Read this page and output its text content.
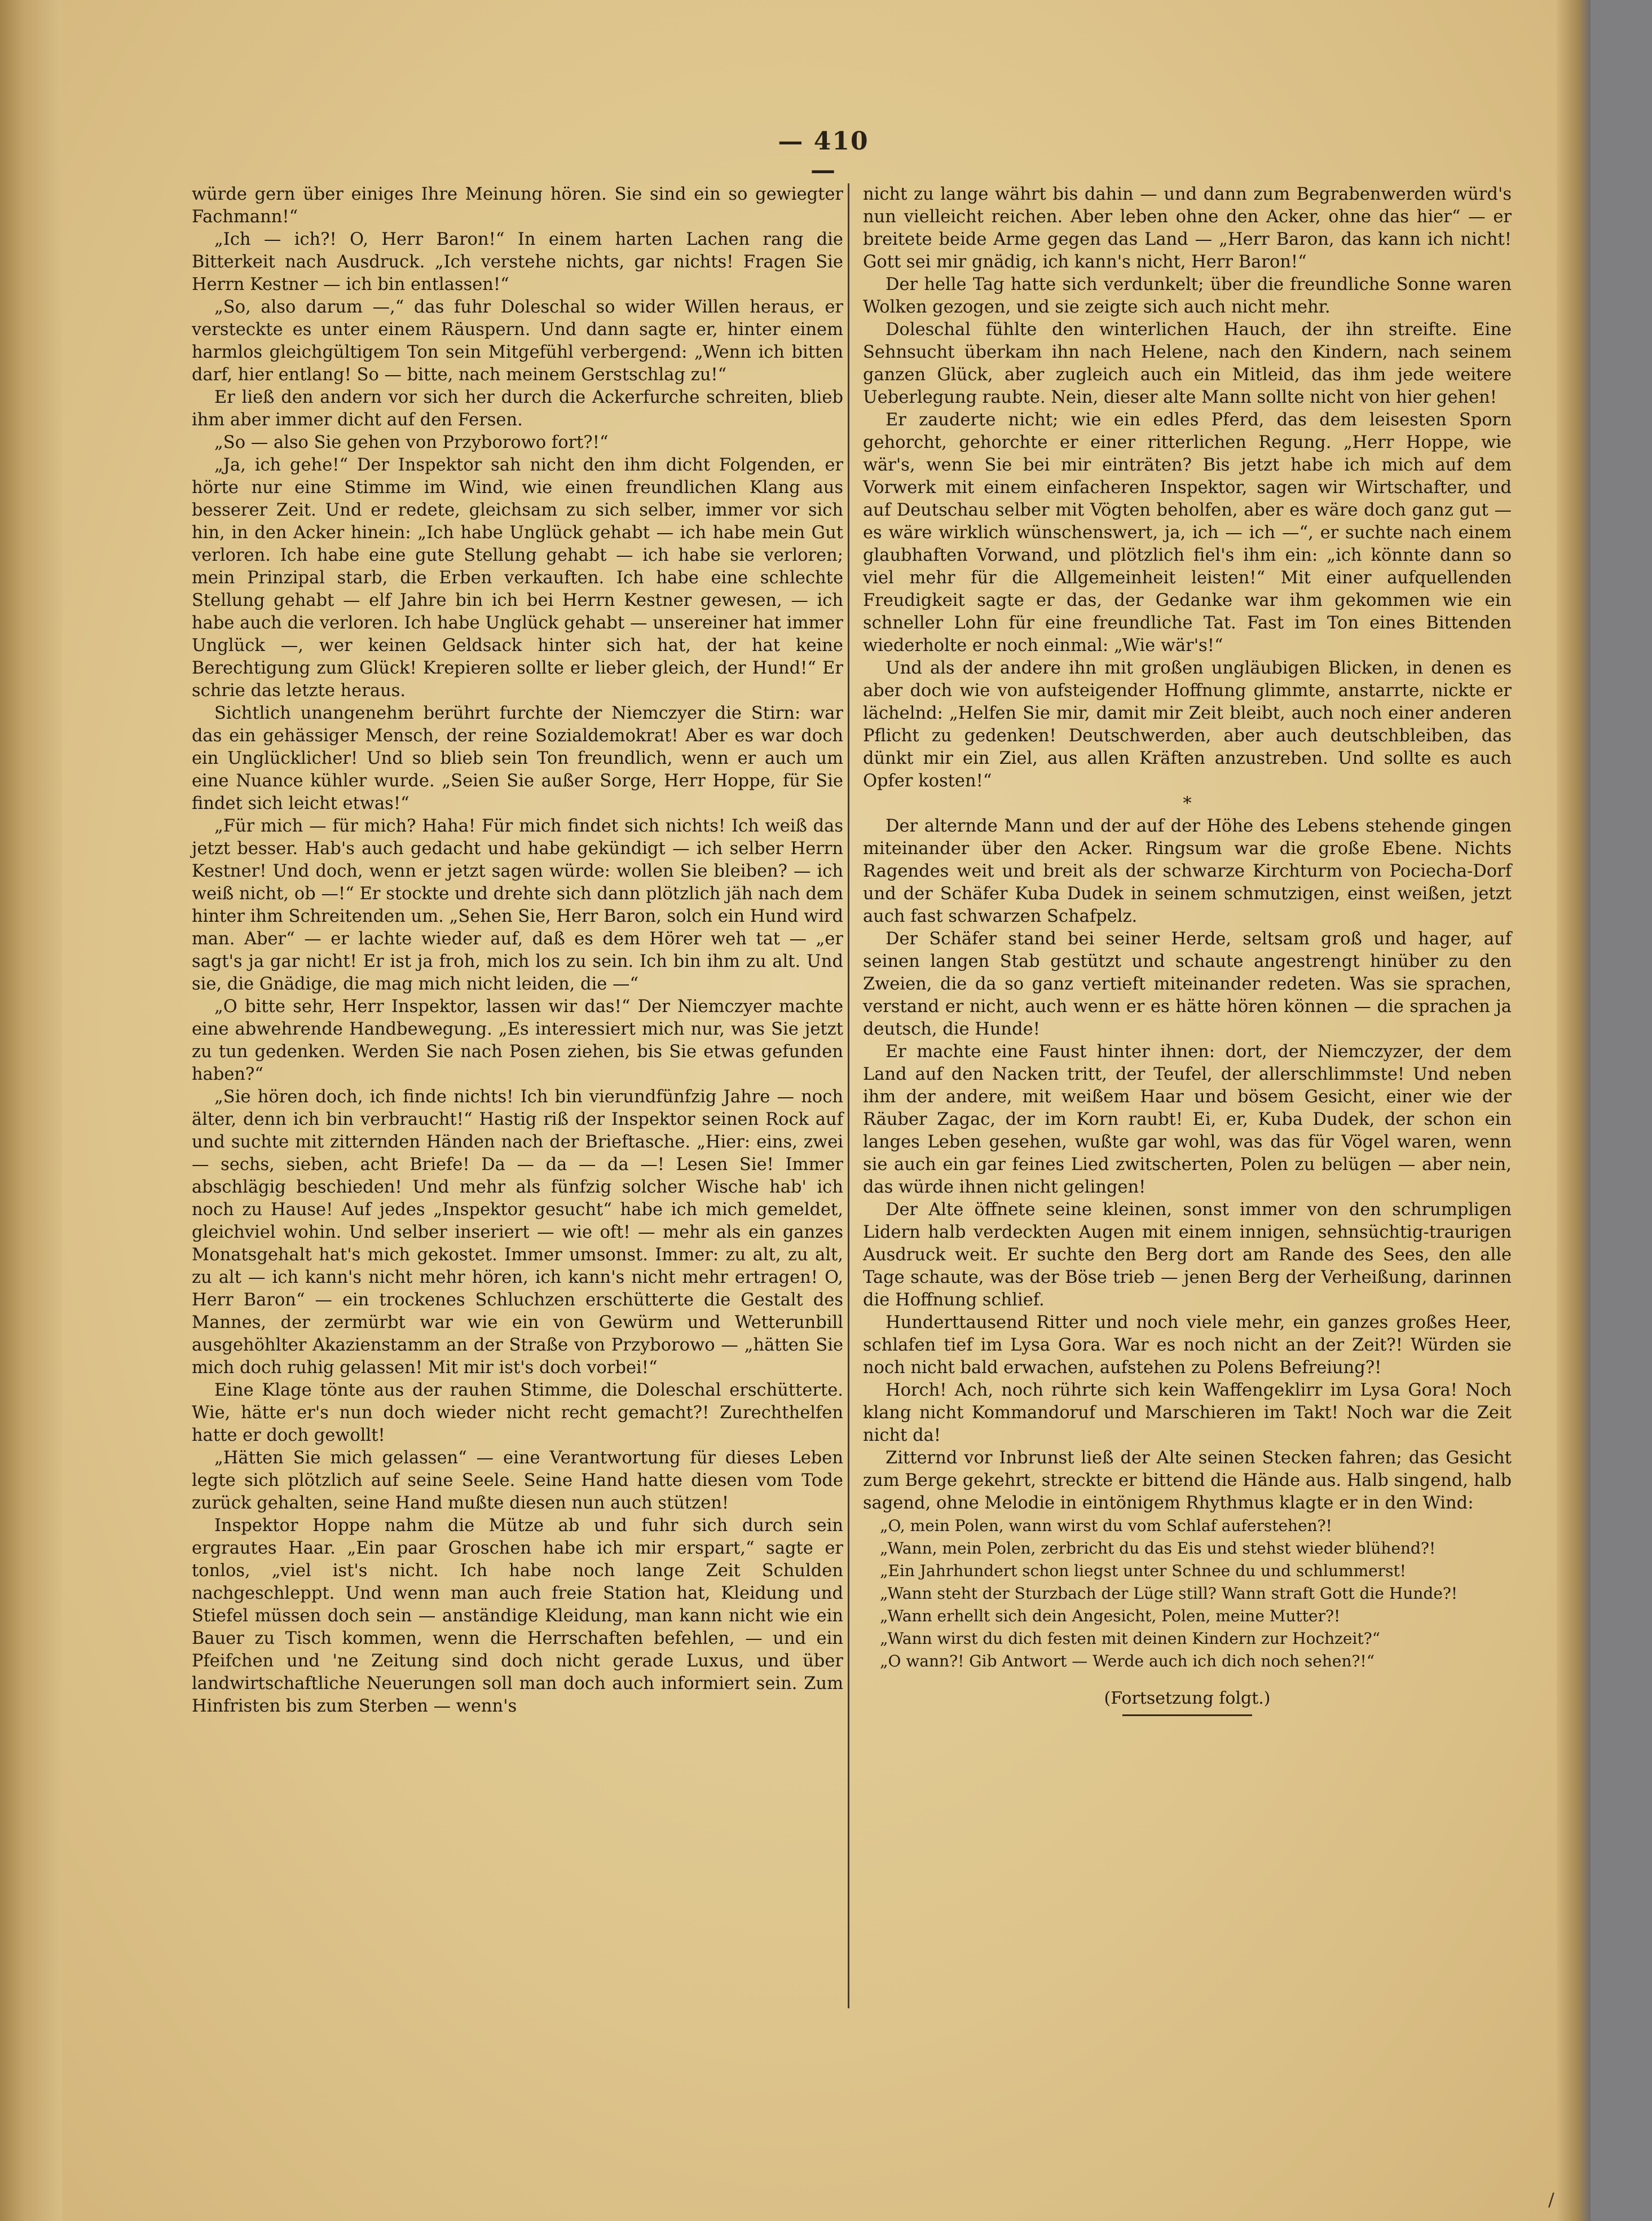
— 410 —

würde gern über einiges Ihre Meinung hören. Sie sind ein so gewiegter Fachmann!“

„Ich — ich?! O, Herr Baron!“ In einem harten Lachen rang die Bitterkeit nach Ausdruck. „Ich verstehe nichts, gar nichts! Fragen Sie Herrn Kestner — ich bin entlassen!“

„So, also darum —,“ das fuhr Doleschal so wider Willen heraus, er versteckte es unter einem Räuspern. Und dann sagte er, hinter einem harmlos gleichgültigem Ton sein Mitgefühl verbergend: „Wenn ich bitten darf, hier entlang! So — bitte, nach meinem Gerstschlag zu!“

Er ließ den andern vor sich her durch die Ackerfurche schreiten, blieb ihm aber immer dicht auf den Fersen.

„So — also Sie gehen von Przyborowo fort?!“

„Ja, ich gehe!“ Der Inspektor sah nicht den ihm dicht Folgenden, er hörte nur eine Stimme im Wind, wie einen freundlichen Klang aus besserer Zeit. Und er redete, gleichsam zu sich selber, immer vor sich hin, in den Acker hinein: „Ich habe Unglück gehabt — ich habe mein Gut verloren. Ich habe eine gute Stellung gehabt — ich habe sie verloren; mein Prinzipal starb, die Erben verkauften. Ich habe eine schlechte Stellung gehabt — elf Jahre bin ich bei Herrn Kestner gewesen, — ich habe auch die verloren. Ich habe Unglück gehabt — unsereiner hat immer Unglück —, wer keinen Geldsack hinter sich hat, der hat keine Berechtigung zum Glück! Krepieren sollte er lieber gleich, der Hund!“ Er schrie das letzte heraus.

Sichtlich unangenehm berührt furchte der Niemczyer die Stirn: war das ein gehässiger Mensch, der reine Sozialdemokrat! Aber es war doch ein Unglücklicher! Und so blieb sein Ton freundlich, wenn er auch um eine Nuance kühler wurde. „Seien Sie außer Sorge, Herr Hoppe, für Sie findet sich leicht etwas!“

„Für mich — für mich? Haha! Für mich findet sich nichts! Ich weiß das jetzt besser. Hab's auch gedacht und habe gekündigt — ich selber Herrn Kestner! Und doch, wenn er jetzt sagen würde: wollen Sie bleiben? — ich weiß nicht, ob —!“ Er stockte und drehte sich dann plötzlich jäh nach dem hinter ihm Schreitenden um. „Sehen Sie, Herr Baron, solch ein Hund wird man. Aber“ — er lachte wieder auf, daß es dem Hörer weh tat — „er sagt's ja gar nicht! Er ist ja froh, mich los zu sein. Ich bin ihm zu alt. Und sie, die Gnädige, die mag mich nicht leiden, die —“

„O bitte sehr, Herr Inspektor, lassen wir das!“ Der Niemczyer machte eine abwehrende Handbewegung. „Es interessiert mich nur, was Sie jetzt zu tun gedenken. Werden Sie nach Posen ziehen, bis Sie etwas gefunden haben?“

„Sie hören doch, ich finde nichts! Ich bin vierundfünfzig Jahre — noch älter, denn ich bin verbraucht!“ Hastig riß der Inspektor seinen Rock auf und suchte mit zitternden Händen nach der Brieftasche. „Hier: eins, zwei — sechs, sieben, acht Briefe! Da — da — da —! Lesen Sie! Immer abschlägig beschieden! Und mehr als fünfzig solcher Wische hab' ich noch zu Hause! Auf jedes „Inspektor gesucht“ habe ich mich gemeldet, gleichviel wohin. Und selber inseriert — wie oft! — mehr als ein ganzes Monatsgehalt hat's mich gekostet. Immer umsonst. Immer: zu alt, zu alt, zu alt — ich kann's nicht mehr hören, ich kann's nicht mehr ertragen! O, Herr Baron“ — ein trockenes Schluchzen erschütterte die Gestalt des Mannes, der zermürbt war wie ein von Gewürm und Wetterunbill ausgehöhlter Akazienstamm an der Straße von Przyborowo — „hätten Sie mich doch ruhig gelassen! Mit mir ist's doch vorbei!“

Eine Klage tönte aus der rauhen Stimme, die Doleschal erschütterte. Wie, hätte er's nun doch wieder nicht recht gemacht?! Zurechthelfen hatte er doch gewollt!

„Hätten Sie mich gelassen“ — eine Verantwortung für dieses Leben legte sich plötzlich auf seine Seele. Seine Hand hatte diesen vom Tode zurück gehalten, seine Hand mußte diesen nun auch stützen!

Inspektor Hoppe nahm die Mütze ab und fuhr sich durch sein ergrautes Haar. „Ein paar Groschen habe ich mir erspart,“ sagte er tonlos, „viel ist's nicht. Ich habe noch lange Zeit Schulden nachgeschleppt. Und wenn man auch freie Station hat, Kleidung und Stiefel müssen doch sein — anständige Kleidung, man kann nicht wie ein Bauer zu Tisch kommen, wenn die Herrschaften befehlen, — und ein Pfeifchen und 'ne Zeitung sind doch nicht gerade Luxus, und über landwirtschaftliche Neuerungen soll man doch auch informiert sein. Zum Hinfristen bis zum Sterben — wenn's

nicht zu lange währt bis dahin — und dann zum Begrabenwerden würd's nun vielleicht reichen. Aber leben ohne den Acker, ohne das hier“ — er breitete beide Arme gegen das Land — „Herr Baron, das kann ich nicht! Gott sei mir gnädig, ich kann's nicht, Herr Baron!“

Der helle Tag hatte sich verdunkelt; über die freundliche Sonne waren Wolken gezogen, und sie zeigte sich auch nicht mehr.

Doleschal fühlte den winterlichen Hauch, der ihn streifte. Eine Sehnsucht überkam ihn nach Helene, nach den Kindern, nach seinem ganzen Glück, aber zugleich auch ein Mitleid, das ihm jede weitere Ueberlegung raubte. Nein, dieser alte Mann sollte nicht von hier gehen!

Er zauderte nicht; wie ein edles Pferd, das dem leisesten Sporn gehorcht, gehorchte er einer ritterlichen Regung. „Herr Hoppe, wie wär's, wenn Sie bei mir einträten? Bis jetzt habe ich mich auf dem Vorwerk mit einem einfacheren Inspektor, sagen wir Wirtschafter, und auf Deutschau selber mit Vögten beholfen, aber es wäre doch ganz gut — es wäre wirklich wünschenswert, ja, ich — ich —“, er suchte nach einem glaubhaften Vorwand, und plötzlich fiel's ihm ein: „ich könnte dann so viel mehr für die Allgemeinheit leisten!“ Mit einer aufquellenden Freudigkeit sagte er das, der Gedanke war ihm gekommen wie ein schneller Lohn für eine freundliche Tat. Fast im Ton eines Bittenden wiederholte er noch einmal: „Wie wär's!“

Und als der andere ihn mit großen ungläubigen Blicken, in denen es aber doch wie von aufsteigender Hoffnung glimmte, anstarrte, nickte er lächelnd: „Helfen Sie mir, damit mir Zeit bleibt, auch noch einer anderen Pflicht zu gedenken! Deutschwerden, aber auch deutschbleiben, das dünkt mir ein Ziel, aus allen Kräften anzustreben. Und sollte es auch Opfer kosten!“

*

Der alternde Mann und der auf der Höhe des Lebens stehende gingen miteinander über den Acker. Ringsum war die große Ebene. Nichts Ragendes weit und breit als der schwarze Kirchturm von Pociecha-Dorf und der Schäfer Kuba Dudek in seinem schmutzigen, einst weißen, jetzt auch fast schwarzen Schafpelz.

Der Schäfer stand bei seiner Herde, seltsam groß und hager, auf seinen langen Stab gestützt und schaute angestrengt hinüber zu den Zweien, die da so ganz vertieft miteinander redeten. Was sie sprachen, verstand er nicht, auch wenn er es hätte hören können — die sprachen ja deutsch, die Hunde!

Er machte eine Faust hinter ihnen: dort, der Niemczyzer, der dem Land auf den Nacken tritt, der Teufel, der allerschlimmste! Und neben ihm der andere, mit weißem Haar und bösem Gesicht, einer wie der Räuber Zagac, der im Korn raubt! Ei, er, Kuba Dudek, der schon ein langes Leben gesehen, wußte gar wohl, was das für Vögel waren, wenn sie auch ein gar feines Lied zwitscherten, Polen zu belügen — aber nein, das würde ihnen nicht gelingen!

Der Alte öffnete seine kleinen, sonst immer von den schrumpligen Lidern halb verdeckten Augen mit einem innigen, sehnsüchtig-traurigen Ausdruck weit. Er suchte den Berg dort am Rande des Sees, den alle Tage schaute, was der Böse trieb — jenen Berg der Verheißung, darinnen die Hoffnung schlief.

Hunderttausend Ritter und noch viele mehr, ein ganzes großes Heer, schlafen tief im Lysa Gora. War es noch nicht an der Zeit?! Würden sie noch nicht bald erwachen, aufstehen zu Polens Befreiung?!

Horch! Ach, noch rührte sich kein Waffengeklirr im Lysa Gora! Noch klang nicht Kommandoruf und Marschieren im Takt! Noch war die Zeit nicht da!

Zitternd vor Inbrunst ließ der Alte seinen Stecken fahren; das Gesicht zum Berge gekehrt, streckte er bittend die Hände aus. Halb singend, halb sagend, ohne Melodie in eintönigem Rhythmus klagte er in den Wind:

„O, mein Polen, wann wirst du vom Schlaf auferstehen?!

„Wann, mein Polen, zerbricht du das Eis und stehst wieder blühend?!

„Ein Jahrhundert schon liegst unter Schnee du und schlummerst!

„Wann steht der Sturzbach der Lüge still? Wann straft Gott die Hunde?!

„Wann erhellt sich dein Angesicht, Polen, meine Mutter?!

„Wann wirst du dich festen mit deinen Kindern zur Hochzeit?“

„O wann?! Gib Antwort — Werde auch ich dich noch sehen?!“

(Fortsetzung folgt.)
/
